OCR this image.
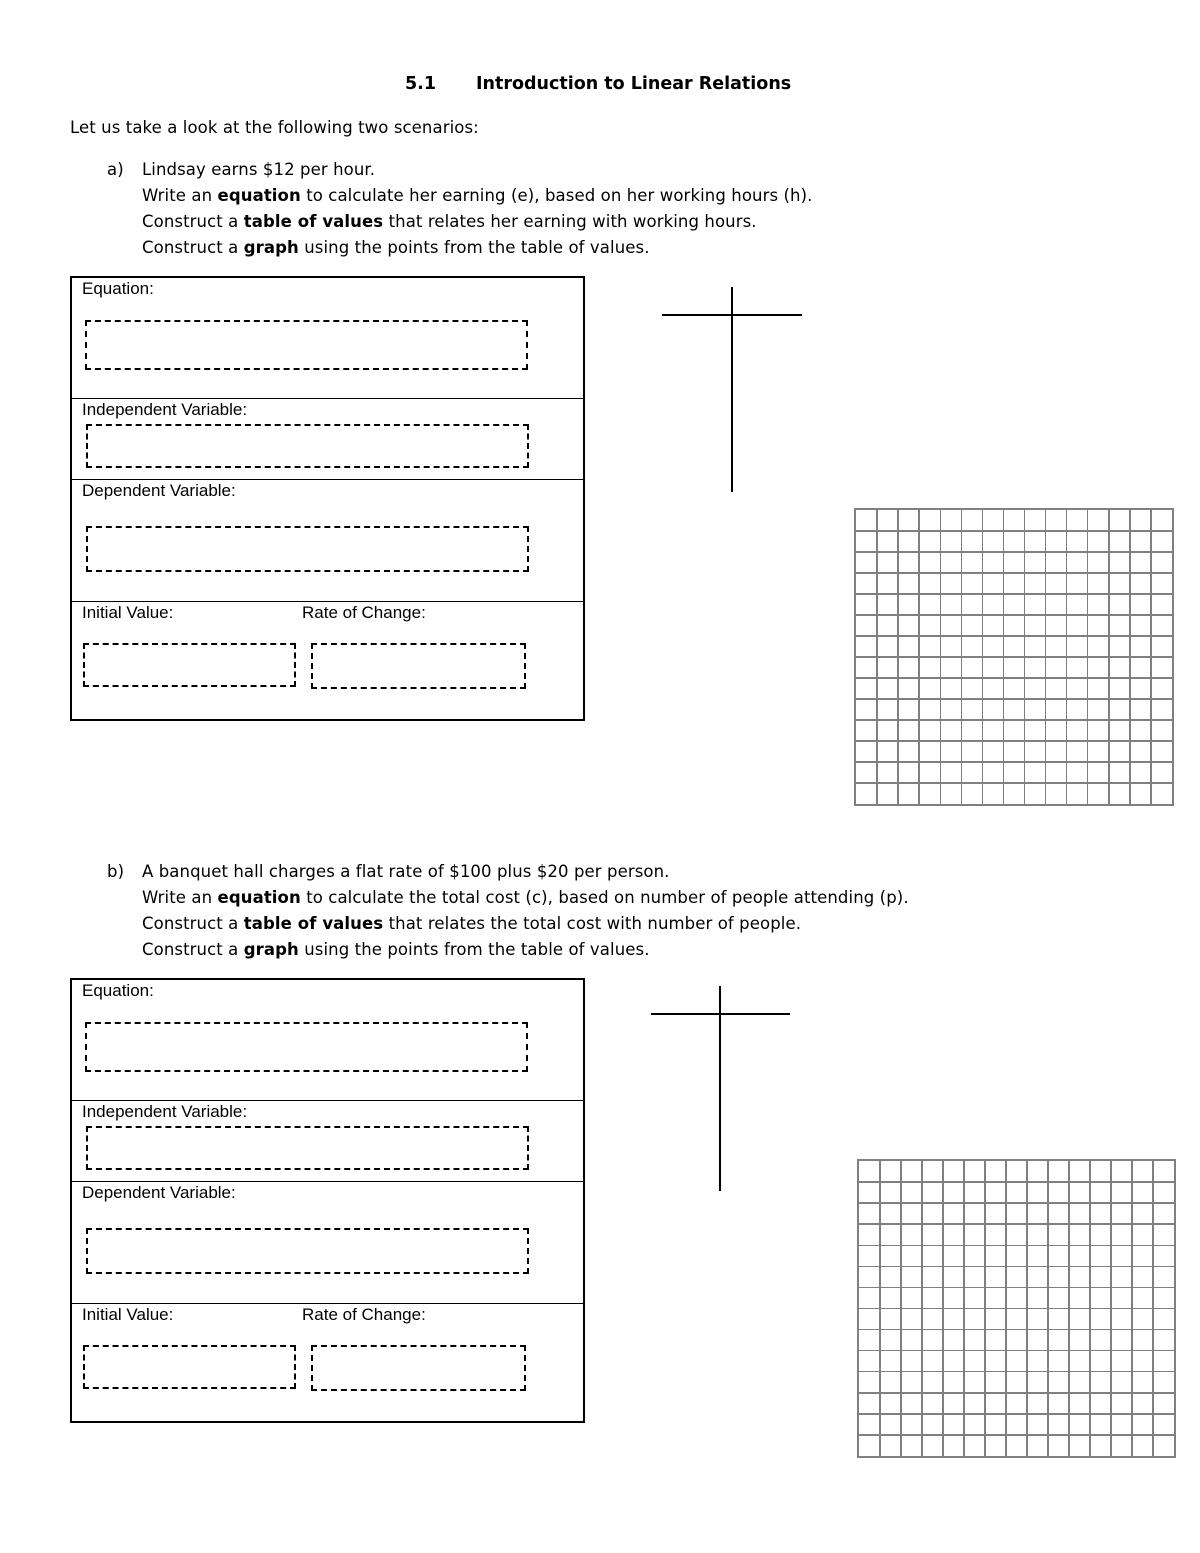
5.1 Introduction to Linear Relations
Let us take a look at the following two scenarios:
a) Lindsay earns $12 per hour.
Write an equation to calculate her earning (e), based on her working hours (h).
Construct a table of values that relates her earning with working hours.
Construct a graph using the points from the table of values.
Equation:
Independent Variable:
Dependent Variable:
Initial Value:	Rate of Change:
b) A banquet hall charges a flat rate of $100 plus $20 per person.
Write an equation to calculate the total cost (c), based on number of people attending (p).
Construct a table of values that relates the total cost with number of people.
Construct a graph using the points from the table of values.
Equation:
Independent Variable:
Dependent Variable:
Initial Value:	Rate of Change:
